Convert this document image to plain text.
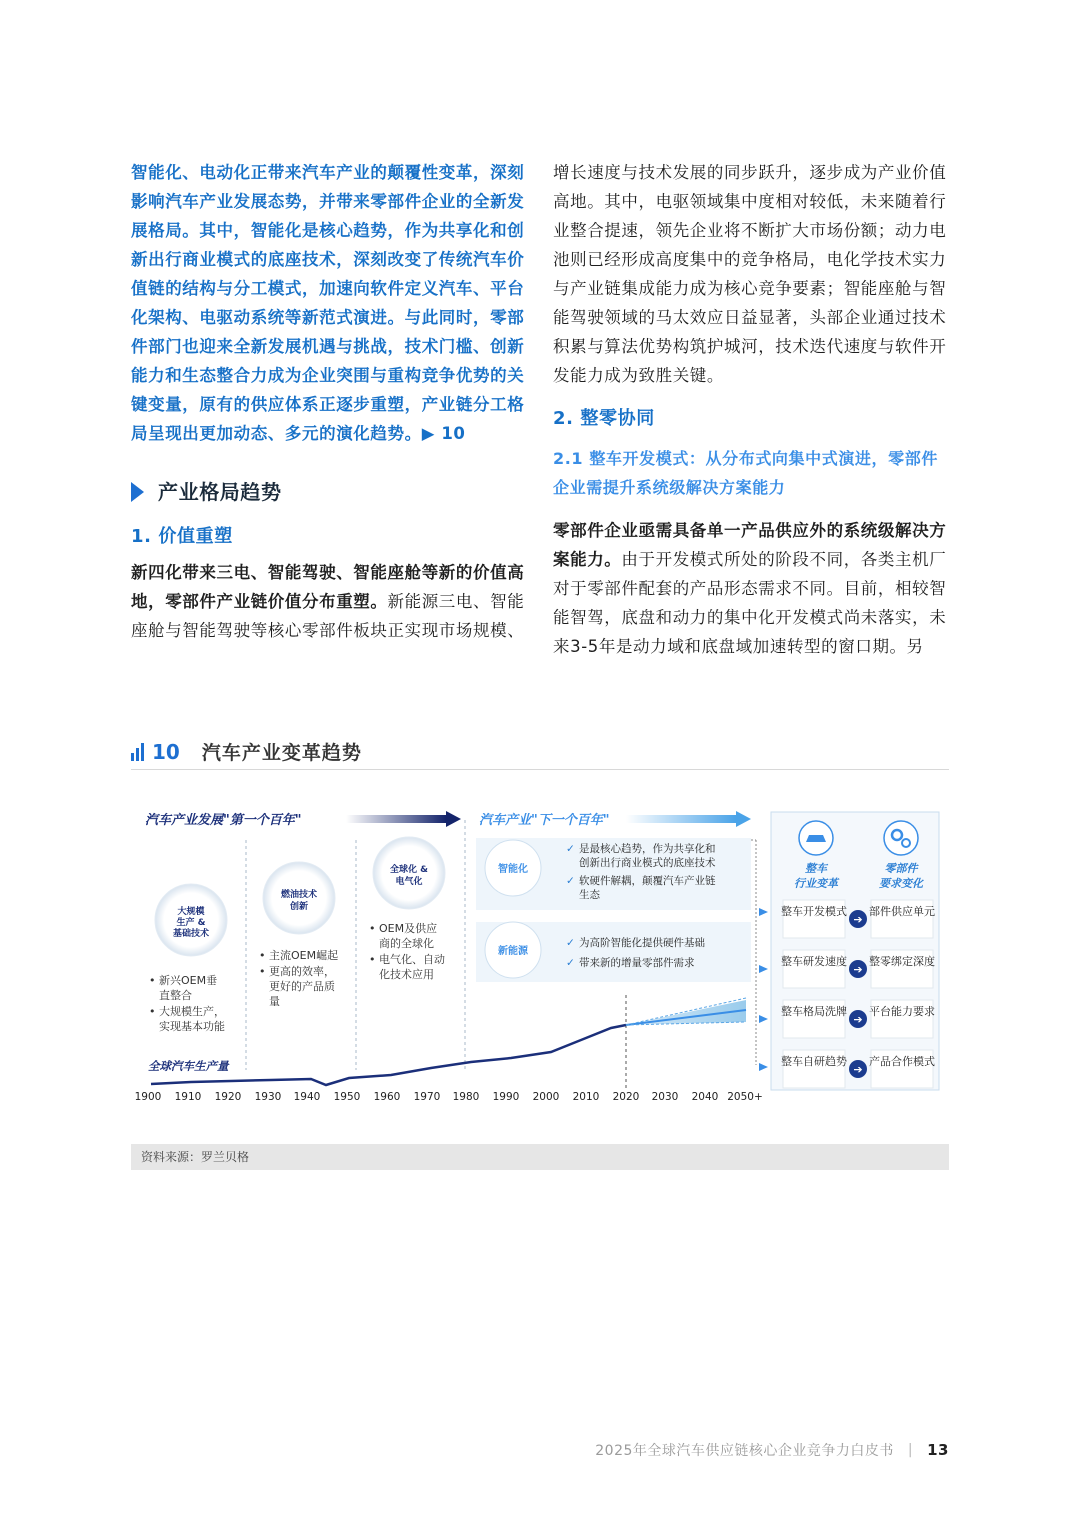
智能化、电动化正带来汽车产业的颠覆性变革，深刻影响汽车产业发展态势，并带来零部件企业的全新发展格局。其中，智能化是核心趋势，作为共享化和创新出行商业模式的底座技术，深刻改变了传统汽车价值链的结构与分工模式，加速向软件定义汽车、平台化架构、电驱动系统等新范式演进。与此同时，零部件部门也迎来全新发展机遇与挑战，技术门槛、创新能力和生态整合力成为企业突围与重构竞争优势的关键变量，原有的供应体系正逐步重塑，产业链分工格局呈现出更加动态、多元的演化趋势。▶ 10

产业格局趋势
1. 价值重塑

新四化带来三电、智能驾驶、智能座舱等新的价值高地，零部件产业链价值分布重塑。新能源三电、智能座舱与智能驾驶等核心零部件板块正实现市场规模、

增长速度与技术发展的同步跃升，逐步成为产业价值高地。其中，电驱领域集中度相对较低，未来随着行业整合提速，领先企业将不断扩大市场份额；动力电池则已经形成高度集中的竞争格局，电化学技术实力与产业链集成能力成为核心竞争要素；智能座舱与智能驾驶领域的马太效应日益显著，头部企业通过技术积累与算法优势构筑护城河，技术迭代速度与软件开发能力成为致胜关键。

2. 整零协同
2.1 整车开发模式：从分布式向集中式演进，零部件企业需提升系统级解决方案能力

零部件企业亟需具备单一产品供应外的系统级解决方案能力。由于开发模式所处的阶段不同，各类主机厂对于零部件配套的产品形态需求不同。目前，相较智能智驾，底盘和动力的集中化开发模式尚未落实，未来3-5年是动力域和底盘域加速转型的窗口期。另

10 汽车产业变革趋势
汽车产业发展"第一个百年"	汽车产业"下一个百年"
大规模
生产 &
基础技术
燃油技术
创新
全球化 &
电气化
• 新兴OEM垂
直整合
• 大规模生产，
实现基本功能
• 主流OEM崛起
• 更高的效率，
更好的产品质
量
• OEM及供应
商的全球化
• 电气化、自动
化技术应用
智能化
✓ 是最核心趋势，作为共享化和
创新出行商业模式的底座技术
✓ 软硬件解耦，颠覆汽车产业链
生态
新能源
✓ 为高阶智能化提供硬件基础
✓ 带来新的增量零部件需求
全球汽车生产量
1900 1910 1920 1930 1940 1950 1960 1970 1980 1990 2000 2010 2020 2030 2040 2050+
整车
行业变革
零部件
要求变化
整车开发模式
➔
部件供应单元
整车研发速度
➔
整零绑定深度
整车格局洗牌
➔
平台能力要求
整车自研趋势
➔
产品合作模式
资料来源：罗兰贝格
2025年全球汽车供应链核心企业竞争力白皮书 | 13
